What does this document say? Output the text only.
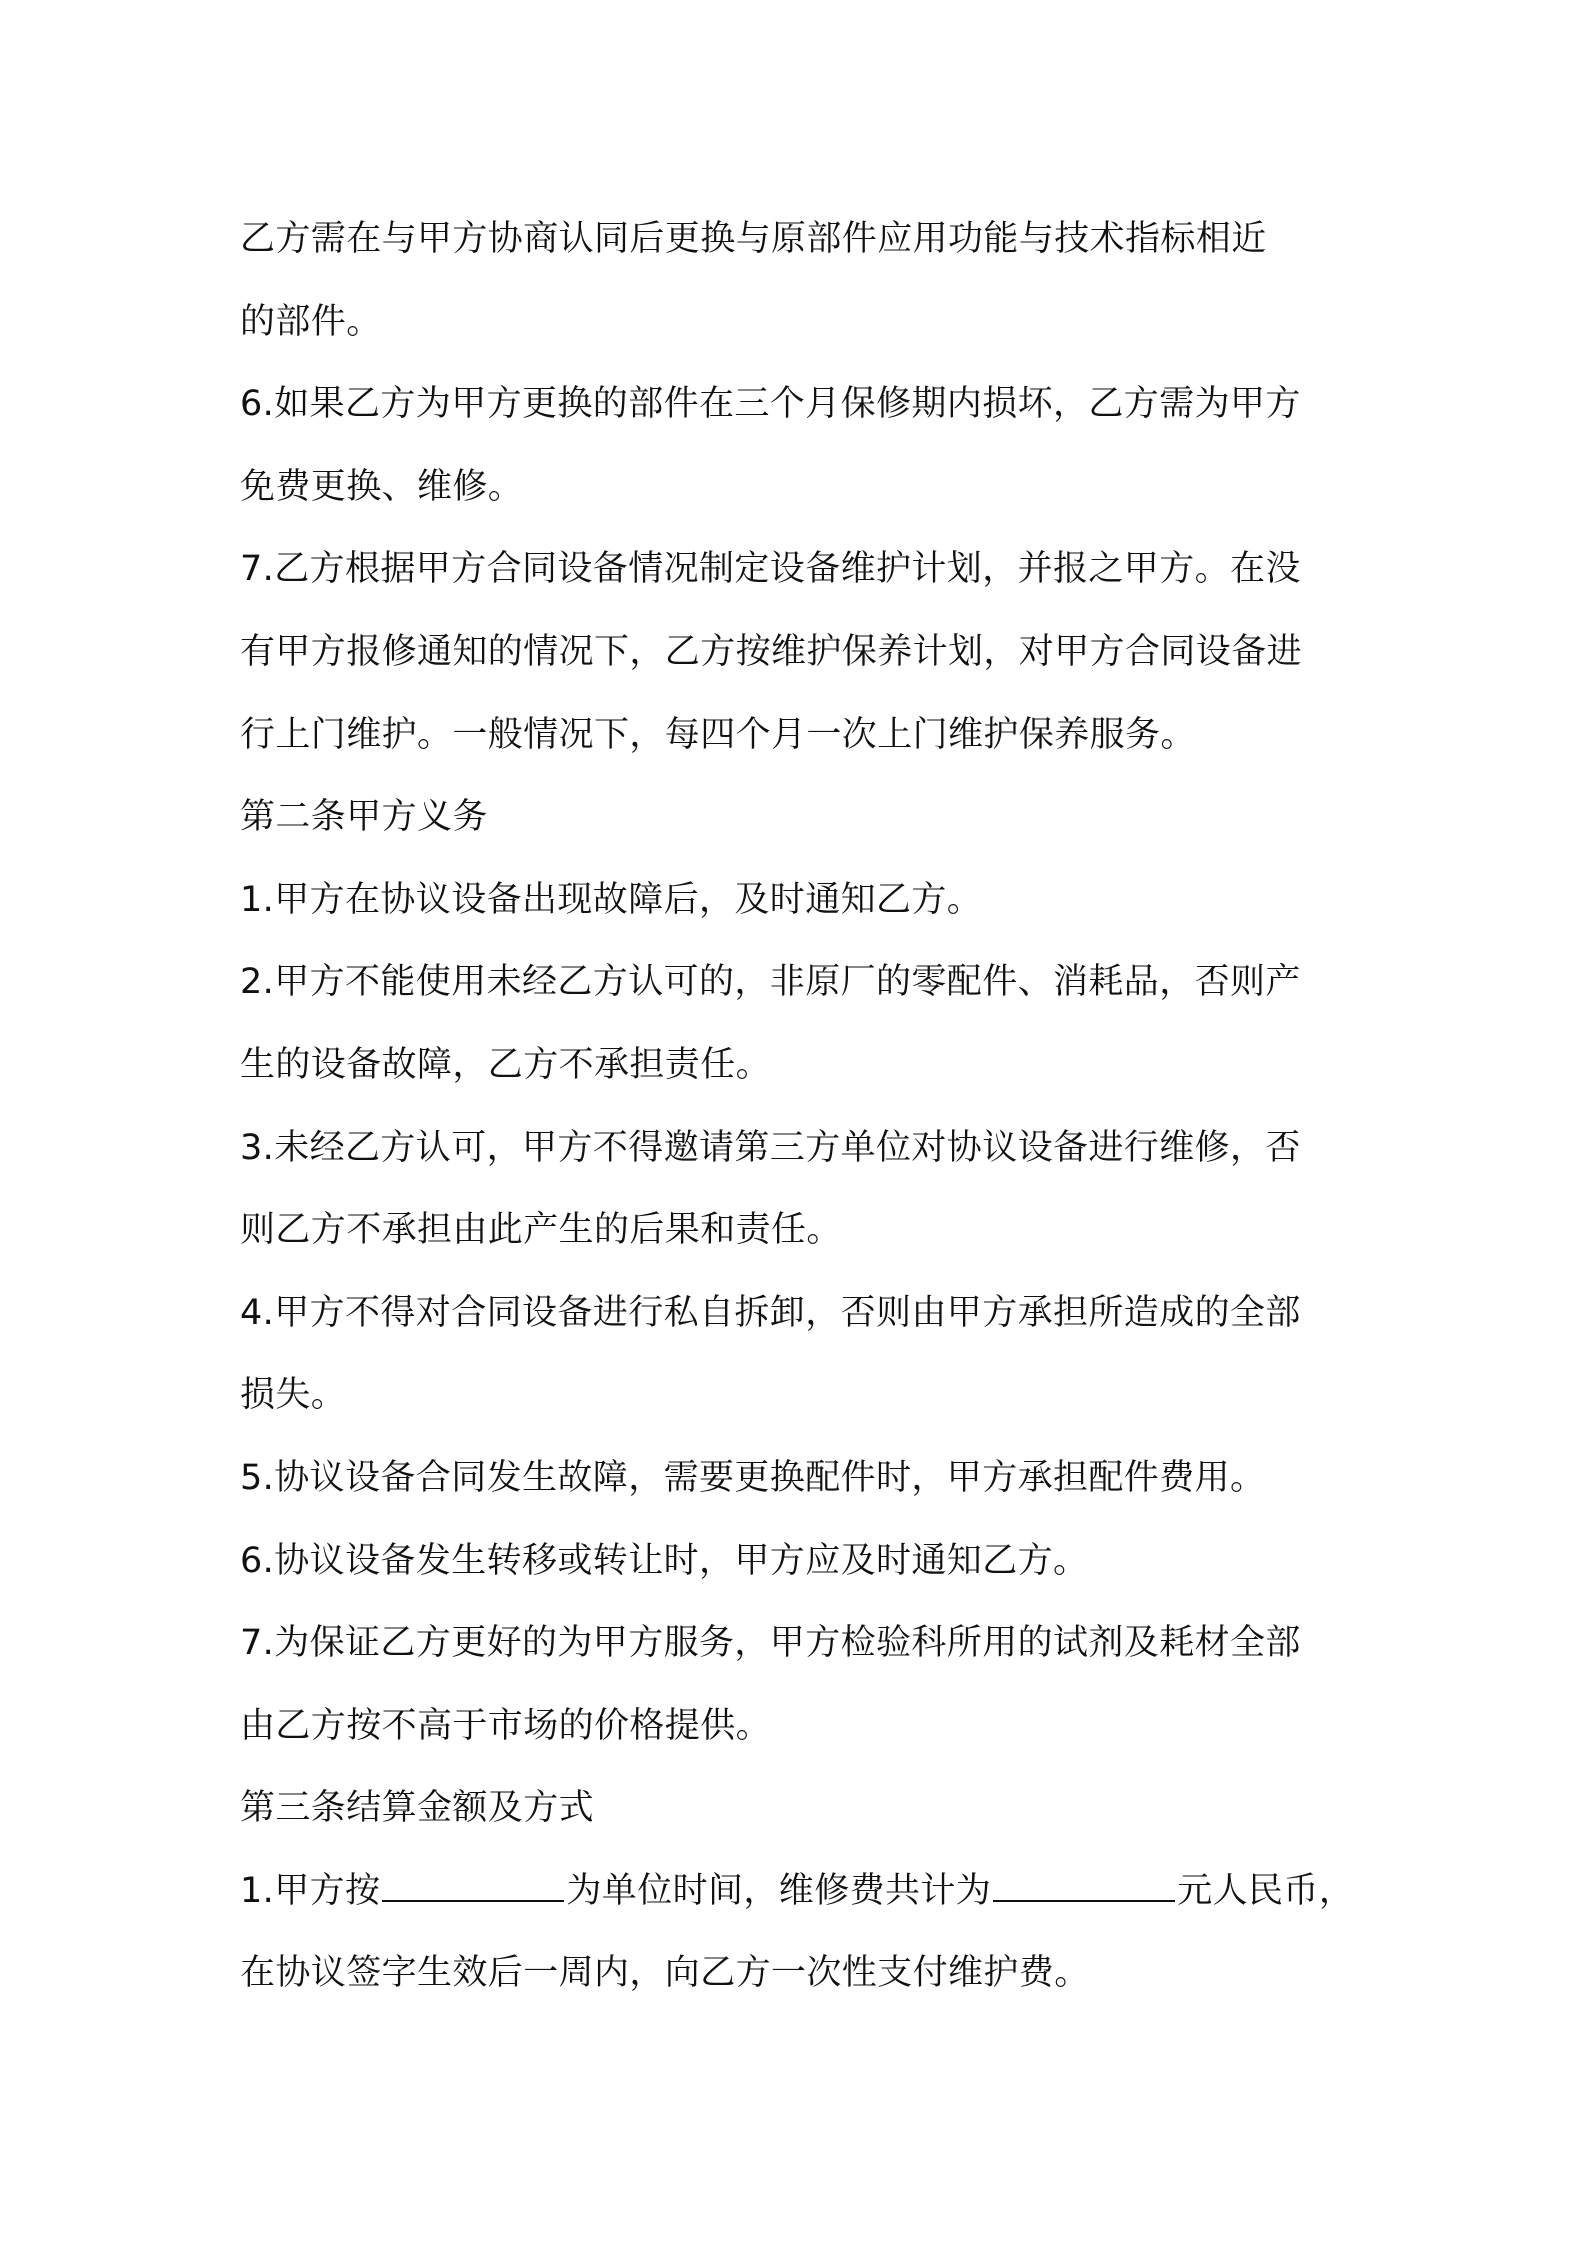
乙方需在与甲方协商认同后更换与原部件应用功能与技术指标相近
的部件。
6.如果乙方为甲方更换的部件在三个月保修期内损坏，乙方需为甲方
免费更换、维修。
7.乙方根据甲方合同设备情况制定设备维护计划，并报之甲方。在没
有甲方报修通知的情况下，乙方按维护保养计划，对甲方合同设备进
行上门维护。一般情况下，每四个月一次上门维护保养服务。
第二条甲方义务
1.甲方在协议设备出现故障后，及时通知乙方。
2.甲方不能使用未经乙方认可的，非原厂的零配件、消耗品，否则产
生的设备故障，乙方不承担责任。
3.未经乙方认可，甲方不得邀请第三方单位对协议设备进行维修，否
则乙方不承担由此产生的后果和责任。
4.甲方不得对合同设备进行私自拆卸，否则由甲方承担所造成的全部
损失。
5.协议设备合同发生故障，需要更换配件时，甲方承担配件费用。
6.协议设备发生转移或转让时，甲方应及时通知乙方。
7.为保证乙方更好的为甲方服务，甲方检验科所用的试剂及耗材全部
由乙方按不高于市场的价格提供。
第三条结算金额及方式
1.甲方按	为单位时间，维修费共计为	元人民币，
在协议签字生效后一周内，向乙方一次性支付维护费。
